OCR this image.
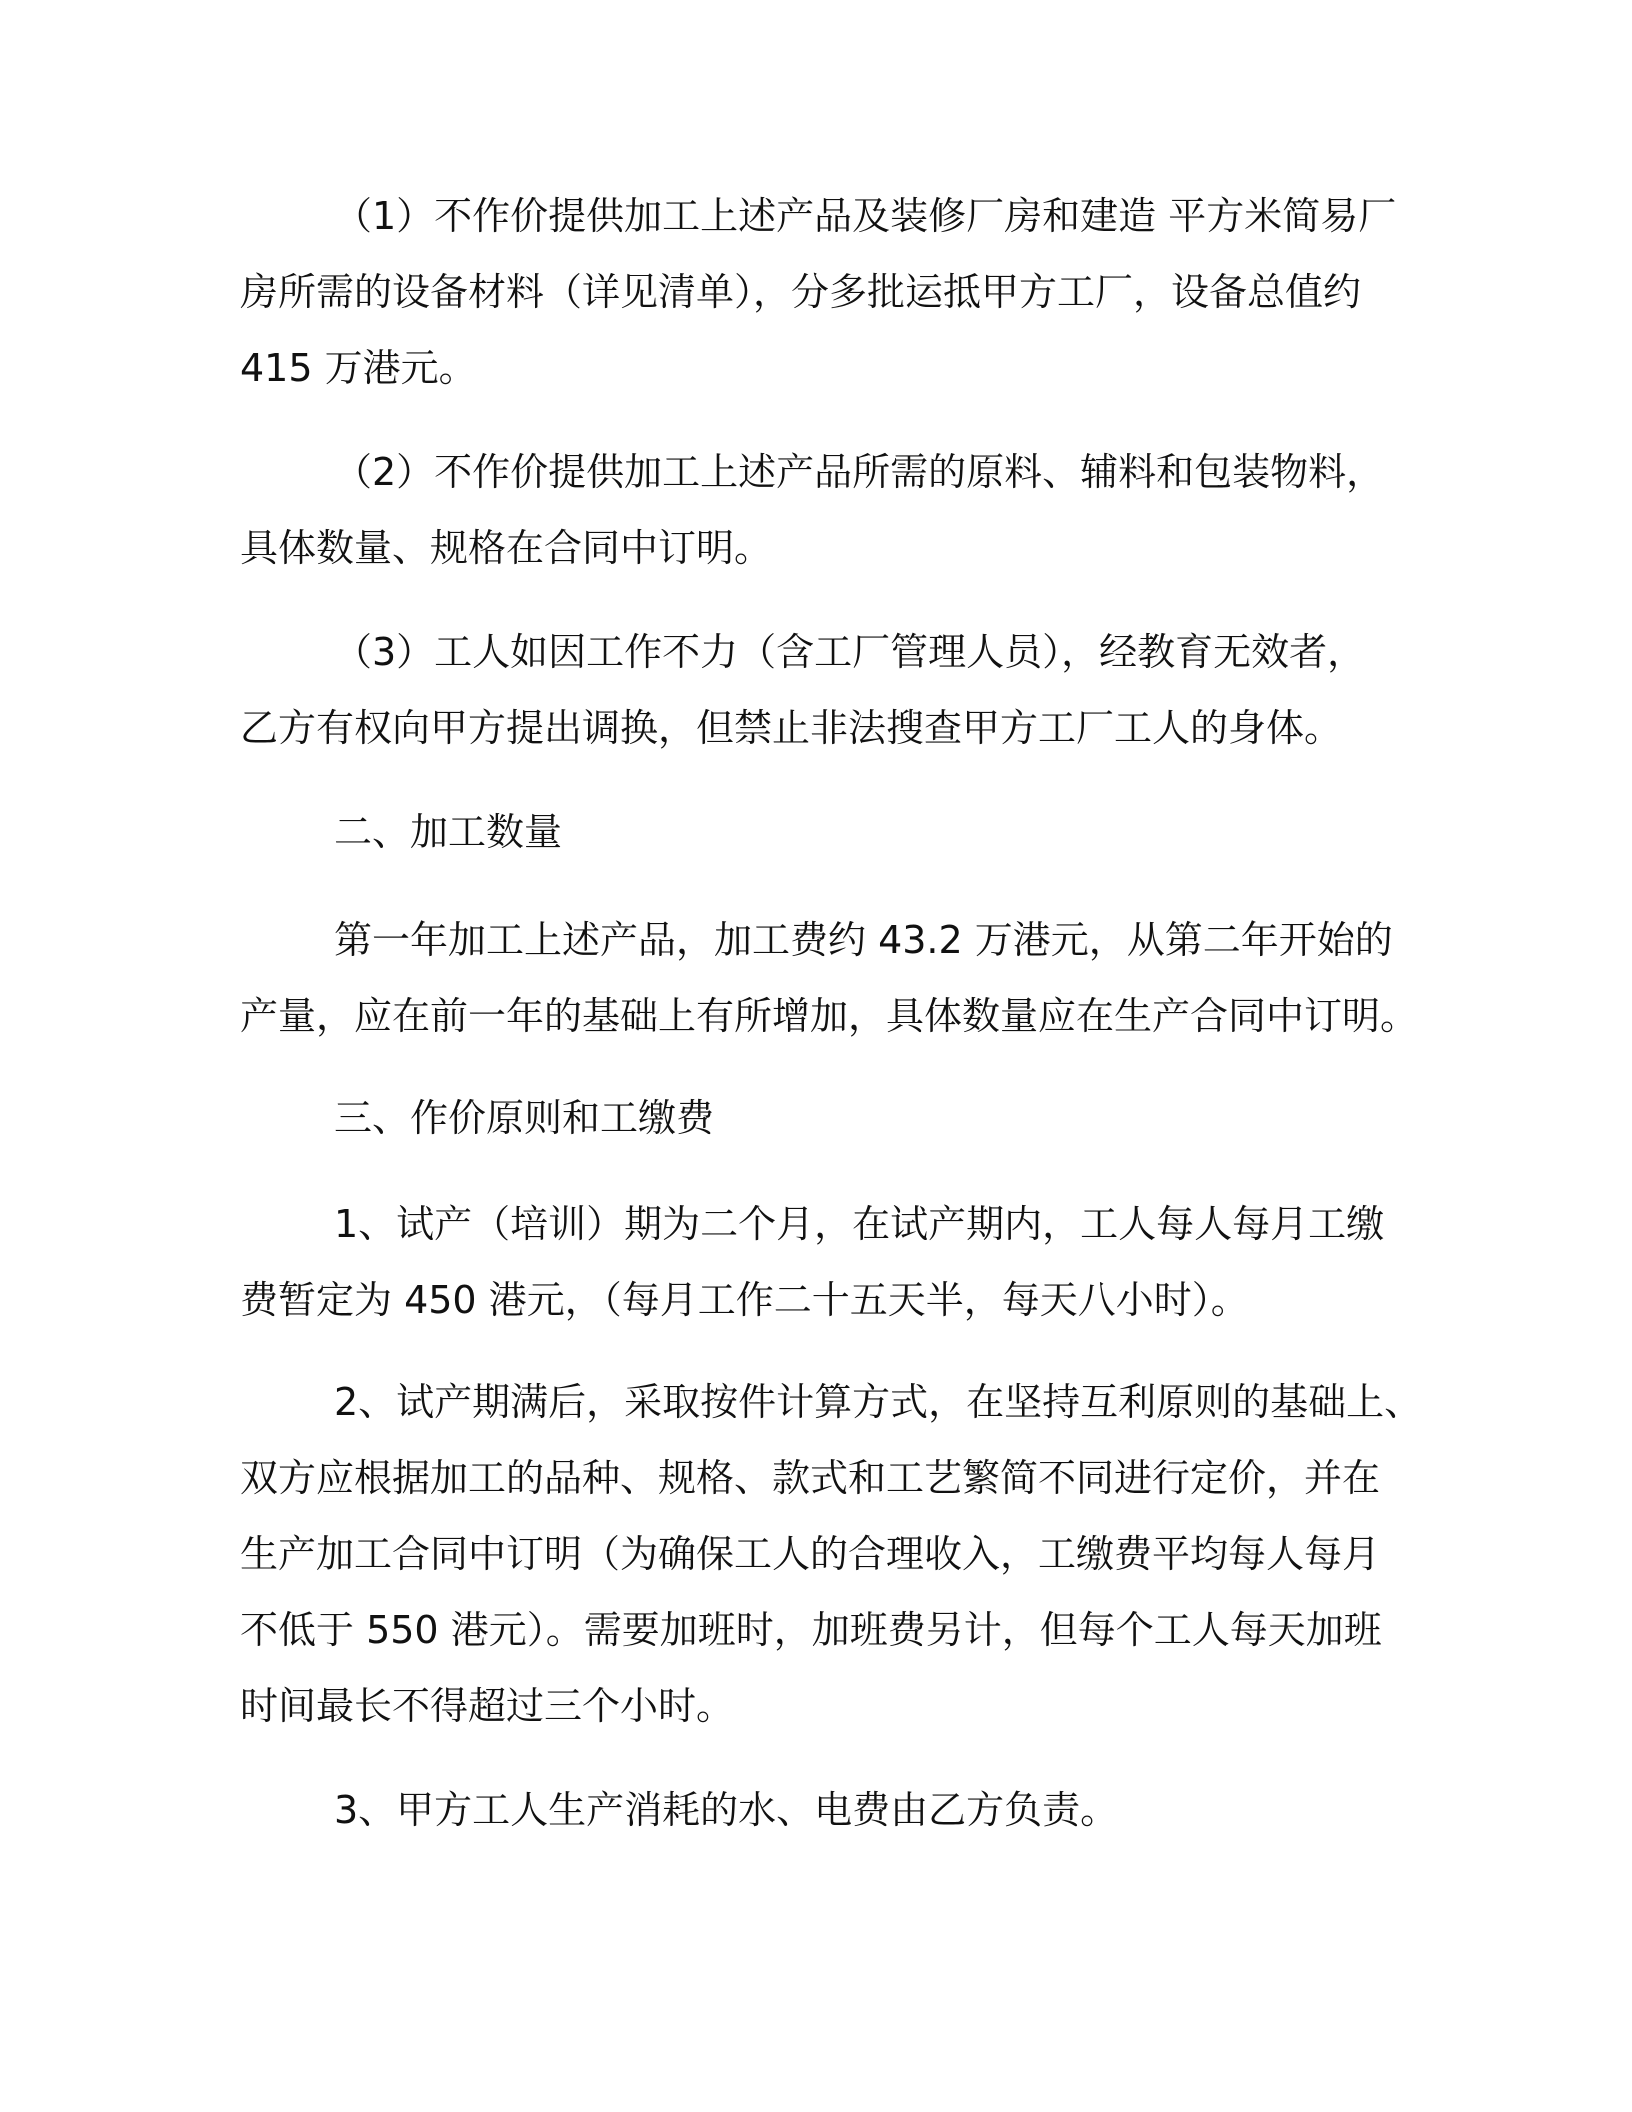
（1）不作价提供加工上述产品及装修厂房和建造 平方米简易厂
房所需的设备材料（详见清单），分多批运抵甲方工厂，设备总值约
415 万港元。
（2）不作价提供加工上述产品所需的原料、辅料和包装物料，
具体数量、规格在合同中订明。
（3）工人如因工作不力（含工厂管理人员），经教育无效者，
乙方有权向甲方提出调换，但禁止非法搜查甲方工厂工人的身体。
二、加工数量
第一年加工上述产品，加工费约 43.2 万港元，从第二年开始的
产量，应在前一年的基础上有所增加，具体数量应在生产合同中订明。
三、作价原则和工缴费
1、试产（培训）期为二个月，在试产期内，工人每人每月工缴
费暂定为 450 港元，（每月工作二十五天半，每天八小时）。
2、试产期满后，采取按件计算方式，在坚持互利原则的基础上、
双方应根据加工的品种、规格、款式和工艺繁简不同进行定价，并在
生产加工合同中订明（为确保工人的合理收入，工缴费平均每人每月
不低于 550 港元）。需要加班时，加班费另计，但每个工人每天加班
时间最长不得超过三个小时。
3、甲方工人生产消耗的水、电费由乙方负责。
